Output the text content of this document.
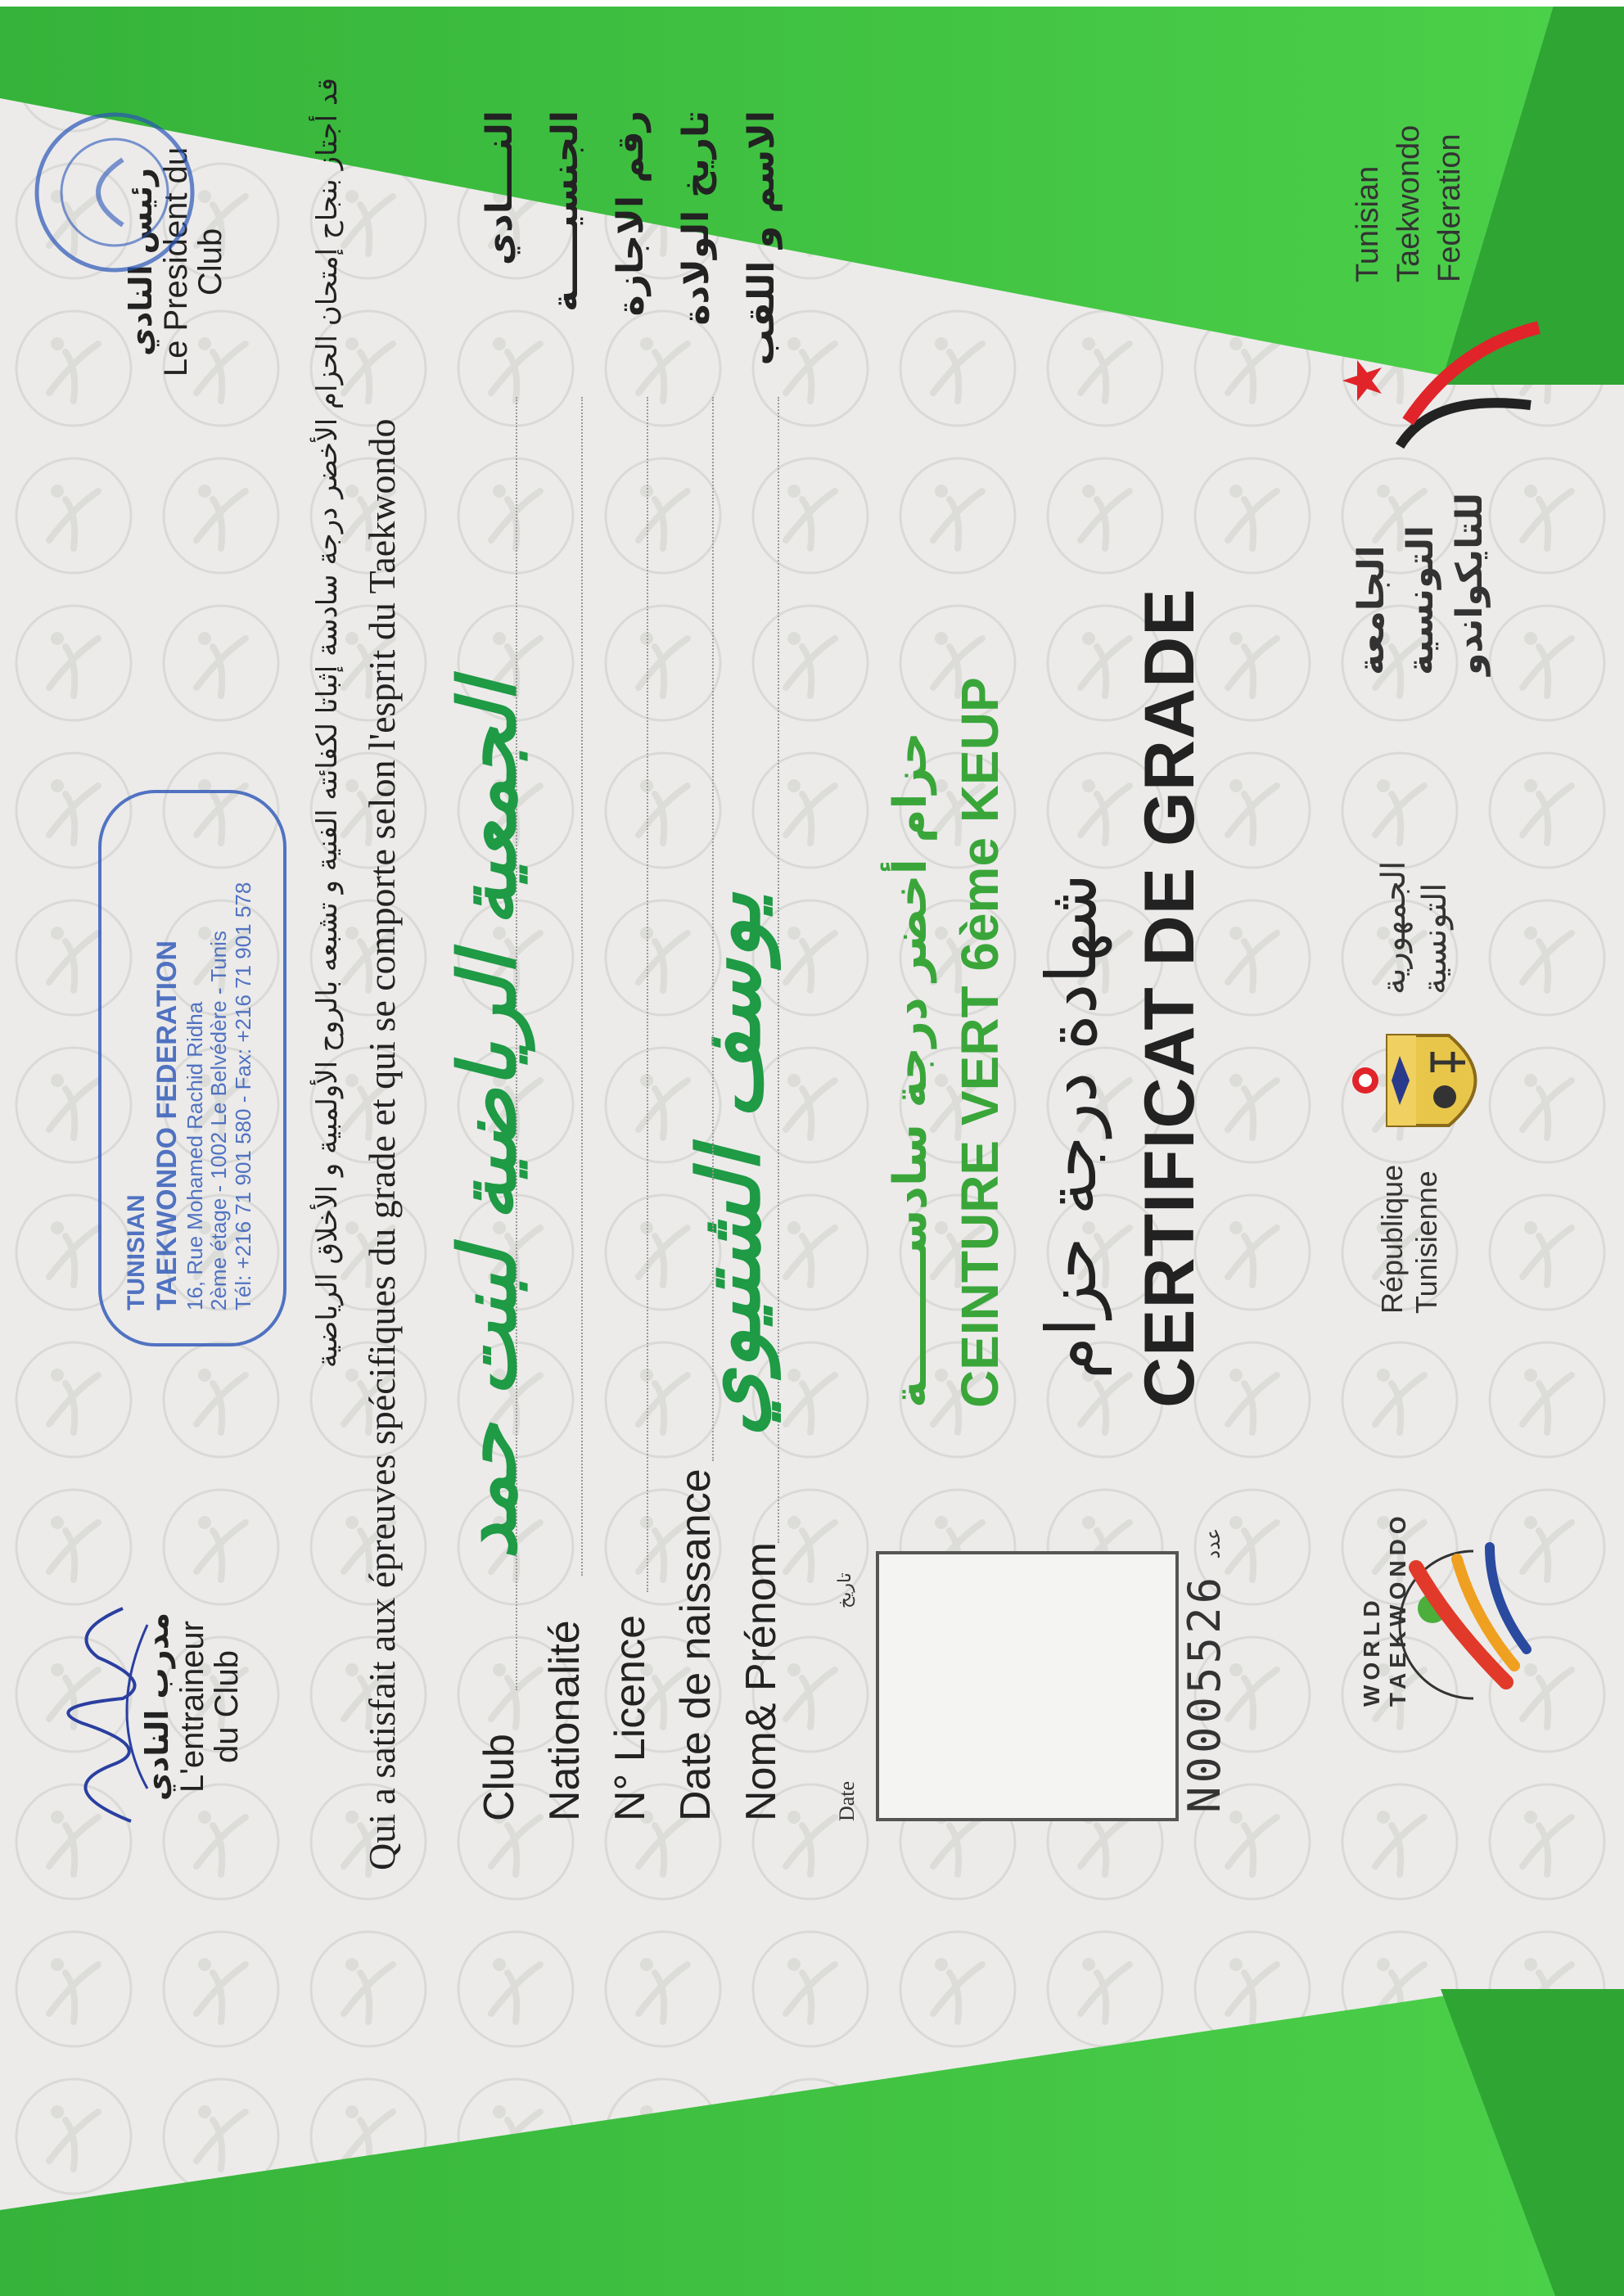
WORLD TAEKWONDO
République Tunisienne
الجمهورية التونسية
الجامعة التونسية للتايكواندو
Tunisian Taekwondo Federation
N0005526 عدد
Date
تاريخ
CERTIFICAT DE GRADE
شهادة درجة حزام
CEINTURE VERT 6ème KEUP
حزام أخضر درجة سادســــــــة
Nom& Prénom
يوسف الشتيوي
الاسم و اللقب
Date de naissance
تاريخ الولادة
N° Licence
رقم الاجازة
Nationalité
الجنسيـــــة
Club
الجمعية الرياضية لبنت حمد
النــــادي
Qui a satisfait aux épreuves spécifiques du grade et qui se comporte selon l'esprit du Taekwondo
قد أجتاز بنجاح إمتحان الحزام الأخضر درجة سادسة إثباتا لكفائته الفنية و تشبعه بالروح الأولمبية و الأخلاق الرياضية
مدرب النادي L'entraineur
du Club
TUNISIAN TAEKWONDO FEDERATION 16, Rue Mohamed Rachid Ridha 2ème étage - 1002 Le Belvédère - Tunis Tél: +216 71 901 580 - Fax: +216 71 901 578
رئيس النادي Le President du
Club
